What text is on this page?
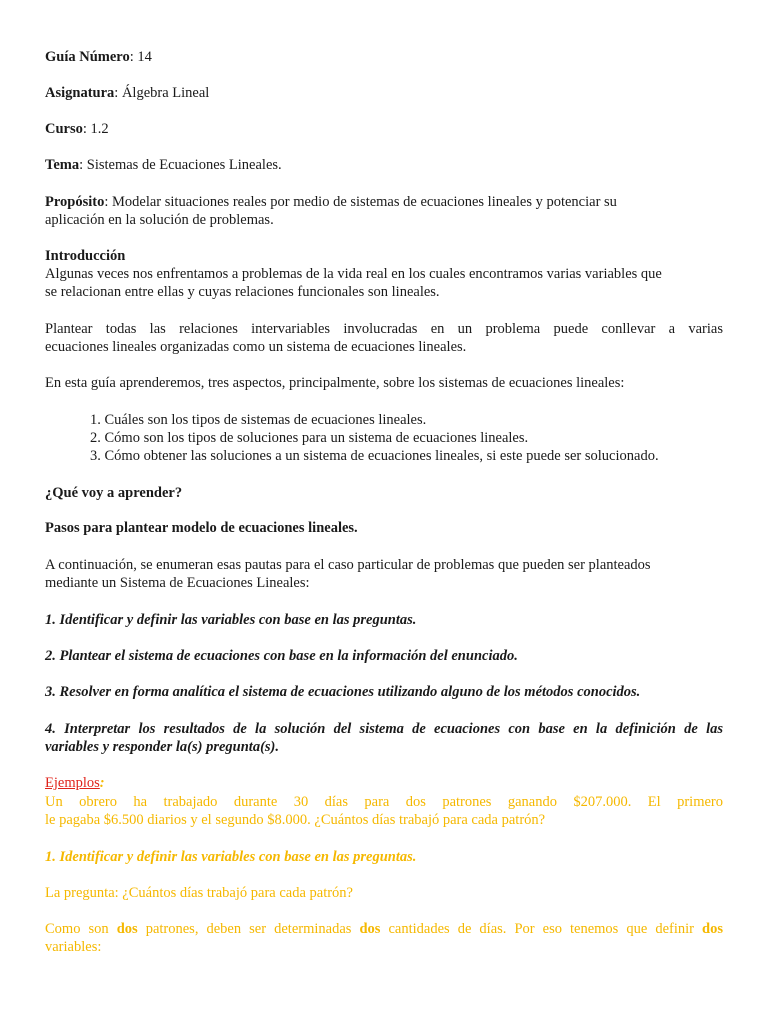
Guía Número: 14
Asignatura: Álgebra Lineal
Curso: 1.2
Tema: Sistemas de Ecuaciones Lineales.
Propósito: Modelar situaciones reales por medio de sistemas de ecuaciones lineales y potenciar su
aplicación en la solución de problemas.
Introducción
Algunas veces nos enfrentamos a problemas de la vida real en los cuales encontramos varias variables que
se relacionan entre ellas y cuyas relaciones funcionales son lineales.
Plantear todas las relaciones intervariables involucradas en un problema puede conllevar a varias
ecuaciones lineales organizadas como un sistema de ecuaciones lineales.
En esta guía aprenderemos, tres aspectos, principalmente, sobre los sistemas de ecuaciones lineales:
1. Cuáles son los tipos de sistemas de ecuaciones lineales.
2. Cómo son los tipos de soluciones para un sistema de ecuaciones lineales.
3. Cómo obtener las soluciones a un sistema de ecuaciones lineales, si este puede ser solucionado.
¿Qué voy a aprender?
Pasos para plantear modelo de ecuaciones lineales.
A continuación, se enumeran esas pautas para el caso particular de problemas que pueden ser planteados
mediante un Sistema de Ecuaciones Lineales:
1. Identificar y definir las variables con base en las preguntas.
2. Plantear el sistema de ecuaciones con base en la información del enunciado.
3. Resolver en forma analítica el sistema de ecuaciones utilizando alguno de los métodos conocidos.
4. Interpretar los resultados de la solución del sistema de ecuaciones con base en la definición de las
variables y responder la(s) pregunta(s).
Ejemplos:
Un obrero ha trabajado durante 30 días para dos patrones ganando $207.000. El primero
le pagaba $6.500 diarios y el segundo $8.000. ¿Cuántos días trabajó para cada patrón?
1. Identificar y definir las variables con base en las preguntas.
La pregunta: ¿Cuántos días trabajó para cada patrón?
Como son dos patrones, deben ser determinadas dos cantidades de días. Por eso tenemos que definir dos
variables:
